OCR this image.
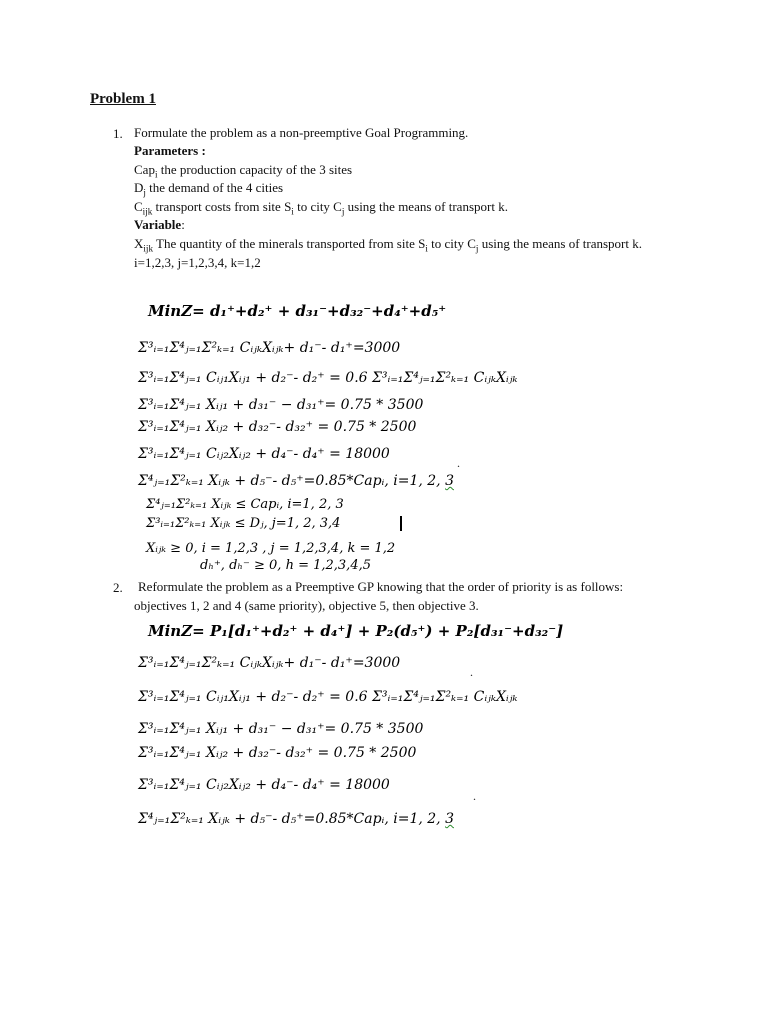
Problem 1
1. Formulate the problem as a non-preemptive Goal Programming.
Parameters :
Cap$_i$ the production capacity of the 3 sites
$D_j$ the demand of the 4 cities
$C_{ijk}$ transport costs from site $S_i$ to city $C_j$ using the means of transport k.
Variable:
$X_{ijk}$ The quantity of the minerals transported from site $S_i$ to city $C_j$ using the means of transport k.
i=1,2,3, j=1,2,3,4, k=1,2
MinZ= d₁⁺+d₂⁺ + d₃₁⁻+d₃₂⁻+d₄⁺+d₅⁺
Σ³ᵢ₌₁Σ⁴ⱼ₌₁Σ²ₖ₌₁ CᵢⱼₖXᵢⱼₖ+ d₁⁻- d₁⁺=3000
Σ³ᵢ₌₁Σ⁴ⱼ₌₁ Cᵢⱼ₁Xᵢⱼ₁ + d₂⁻- d₂⁺ = 0.6 Σ³ᵢ₌₁Σ⁴ⱼ₌₁Σ²ₖ₌₁ CᵢⱼₖXᵢⱼₖ
Σ³ᵢ₌₁Σ⁴ⱼ₌₁ Xᵢⱼ₁ + d₃₁⁻ − d₃₁⁺= 0.75 * 3500
Σ³ᵢ₌₁Σ⁴ⱼ₌₁ Xᵢⱼ₂ + d₃₂⁻- d₃₂⁺ = 0.75 * 2500
Σ³ᵢ₌₁Σ⁴ⱼ₌₁ Cᵢⱼ₂Xᵢⱼ₂ + d₄⁻- d₄⁺ = 18000
.
Σ⁴ⱼ₌₁Σ²ₖ₌₁ Xᵢⱼₖ + d₅⁻- d₅⁺=0.85*Capᵢ, i=1, 2, 3
Σ⁴ⱼ₌₁Σ²ₖ₌₁ Xᵢⱼₖ ≤ Capᵢ, i=1, 2, 3
Σ³ᵢ₌₁Σ²ₖ₌₁ Xᵢⱼₖ ≤ Dⱼ, j=1, 2, 3,4
Xᵢⱼₖ ≥ 0, i = 1,2,3 , j = 1,2,3,4, k = 1,2
dₕ⁺, dₕ⁻ ≥ 0, h = 1,2,3,4,5
2. Reformulate the problem as a Preemptive GP knowing that the order of priority is as follows:
objectives 1, 2 and 4 (same priority), objective 5, then objective 3.
MinZ= P₁[d₁⁺+d₂⁺ + d₄⁺] + P₂(d₅⁺) + P₂[d₃₁⁻+d₃₂⁻]
Σ³ᵢ₌₁Σ⁴ⱼ₌₁Σ²ₖ₌₁ CᵢⱼₖXᵢⱼₖ+ d₁⁻- d₁⁺=3000
.
Σ³ᵢ₌₁Σ⁴ⱼ₌₁ Cᵢⱼ₁Xᵢⱼ₁ + d₂⁻- d₂⁺ = 0.6 Σ³ᵢ₌₁Σ⁴ⱼ₌₁Σ²ₖ₌₁ CᵢⱼₖXᵢⱼₖ
Σ³ᵢ₌₁Σ⁴ⱼ₌₁ Xᵢⱼ₁ + d₃₁⁻ − d₃₁⁺= 0.75 * 3500
Σ³ᵢ₌₁Σ⁴ⱼ₌₁ Xᵢⱼ₂ + d₃₂⁻- d₃₂⁺ = 0.75 * 2500
Σ³ᵢ₌₁Σ⁴ⱼ₌₁ Cᵢⱼ₂Xᵢⱼ₂ + d₄⁻- d₄⁺ = 18000
.
Σ⁴ⱼ₌₁Σ²ₖ₌₁ Xᵢⱼₖ + d₅⁻- d₅⁺=0.85*Capᵢ, i=1, 2, 3
